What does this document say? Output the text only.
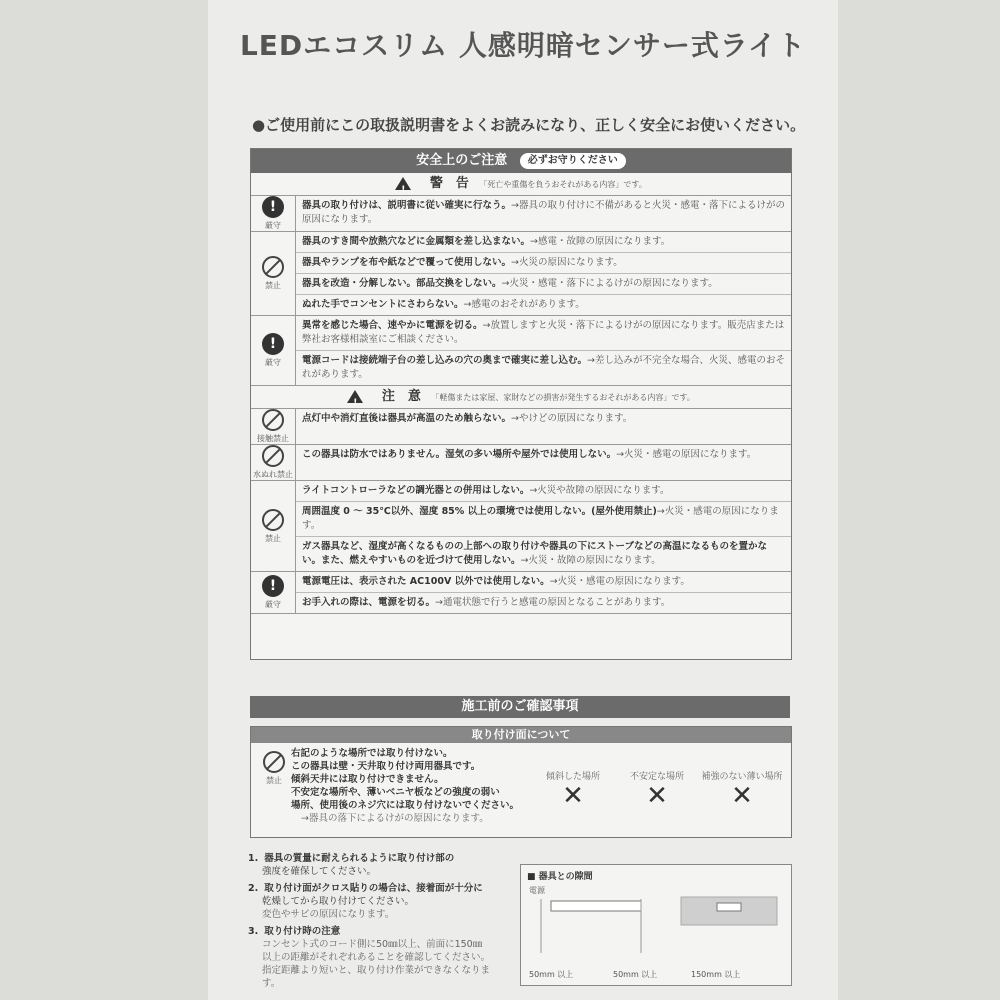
LEDエコスリム 人感明暗センサー式ライト
●ご使用前にこの取扱説明書をよくお読みになり、正しく安全にお使いください。
安全上のご注意 必ずお守りください
! 警　告 「死亡や重傷を負うおそれがある内容」です。
!
厳守
器具の取り付けは、説明書に従い確実に行なう。→器具の取り付けに不備があると火災・感電・落下によるけがの原因になります。
禁止
器具のすき間や放熱穴などに金属類を差し込まない。→感電・故障の原因になります。
器具やランプを布や紙などで覆って使用しない。→火災の原因になります。
器具を改造・分解しない。部品交換をしない。→火災・感電・落下によるけがの原因になります。
ぬれた手でコンセントにさわらない。→感電のおそれがあります。
!
厳守
異常を感じた場合、速やかに電源を切る。→放置しますと火災・落下によるけがの原因になります。販売店または弊社お客様相談室にご相談ください。
電源コードは接続端子台の差し込みの穴の奥まで確実に差し込む。→差し込みが不完全な場合、火災、感電のおそれがあります。
! 注　意 「軽傷または家屋、家財などの損害が発生するおそれがある内容」です。
接触禁止
点灯中や消灯直後は器具が高温のため触らない。→やけどの原因になります。
水ぬれ禁止
この器具は防水ではありません。湿気の多い場所や屋外では使用しない。→火災・感電の原因になります。
禁止
ライトコントローラなどの調光器との併用はしない。→火災や故障の原因になります。
周囲温度 0 ～ 35℃以外、湿度 85% 以上の環境では使用しない。(屋外使用禁止)→火災・感電の原因になります。
ガス器具など、湿度が高くなるものの上部への取り付けや器具の下にストーブなどの高温になるものを置かない。また、燃えやすいものを近づけて使用しない。→火災・故障の原因になります。
!
厳守
電源電圧は、表示された AC100V 以外では使用しない。→火災・感電の原因になります。
お手入れの際は、電源を切る。→通電状態で行うと感電の原因となることがあります。
施工前のご確認事項
取り付け面について
禁止
右記のような場所では取り付けない。
この器具は壁・天井取り付け両用器具です。
傾斜天井には取り付けできません。
不安定な場所や、薄いベニヤ板などの強度の弱い
場所、使用後のネジ穴には取り付けないでください。
→器具の落下によるけがの原因になります。
傾斜した場所
✕
不安定な場所
✕
補強のない薄い場所
✕
1. 器具の質量に耐えられるように取り付け部の
強度を確保してください。
2. 取り付け面がクロス貼りの場合は、接着面が十分に
乾燥してから取り付けてください。
変色やサビの原因になります。
3. 取り付け時の注意
コンセント式のコード側に50㎜以上、前面に150㎜
以上の距離がそれぞれあることを確認してください。
指定距離より短いと、取り付け作業ができなくなります。
■ 器具との隙間
電源
50mm 以上	50mm 以上	150mm 以上
